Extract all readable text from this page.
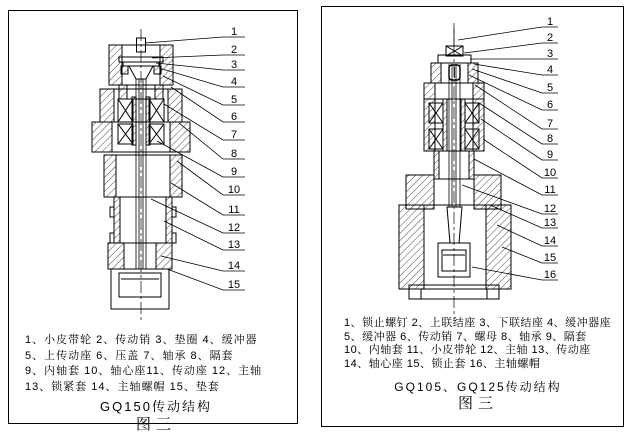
1
2
3
4
5
6
7
8
9
10
11
12
13
14
15
1、小皮带轮 2、传动销 3、垫圈 4、缓冲器
5、上传动座 6、压盖 7、轴承 8、隔套
9、内轴套 10、轴心座11、传动座 12、主轴
13、锁紧套 14、主轴螺帽 15、垫套
GQ150传动结构
图三
1
2
3
4
5
6
7
8
9
10
11
12
13
14
15
16
1、锁止螺钉 2、上联结座 3、下联结座 4、缓冲器座
5、缓冲器 6、传动销 7、螺母 8、轴承 9、隔套
10、内轴套 11、小皮带轮 12、主轴 13、传动座
14、轴心座 15、锁止套 16、主轴螺帽
GQ105、GQ125传动结构
图三
